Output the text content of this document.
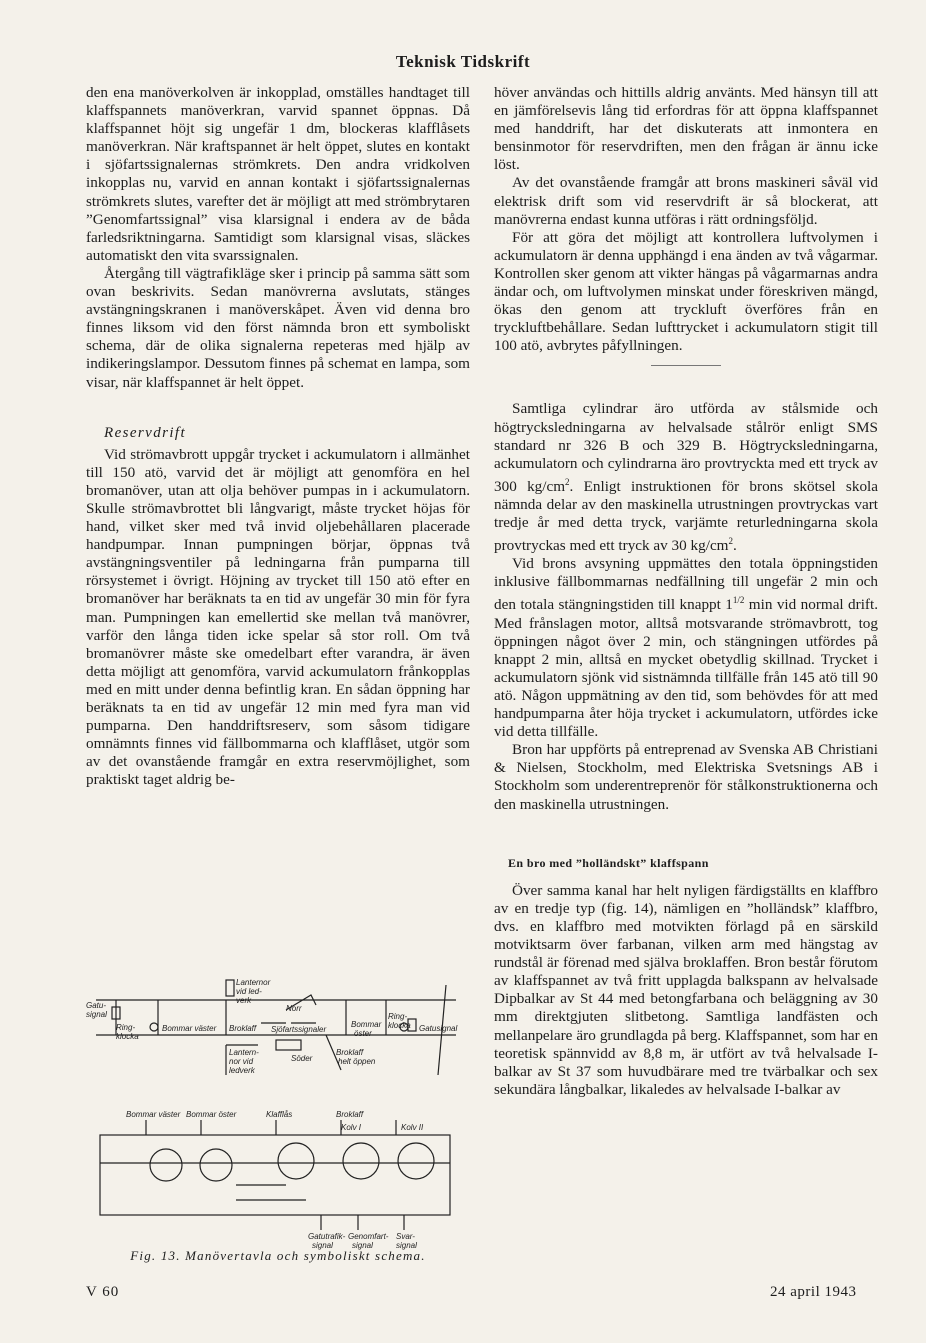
Teknisk Tidskrift

den ena manöverkolven är inkopplad, omställes handtaget till klaffspannets manöverkran, varvid spannet öppnas. Då klaffspannet höjt sig ungefär 1 dm, blockeras klafflåsets manöverkran. När kraftspannet är helt öppet, slutes en kontakt i sjöfartssignalernas strömkrets. Den andra vridkolven inkopplas nu, varvid en annan kontakt i sjöfartssignalernas strömkrets slutes, varefter det är möjligt att med strömbrytaren ”Genomfartssignal” visa klarsignal i endera av de båda farledsriktningarna. Samtidigt som klarsignal visas, släckes automatiskt den vita svarssignalen.

Återgång till vägtrafikläge sker i princip på samma sätt som ovan beskrivits. Sedan manövrerna avslutats, stänges avstängningskranen i manöverskåpet. Även vid denna bro finnes liksom vid den först nämnda bron ett symboliskt schema, där de olika signalerna repeteras med hjälp av indikeringslampor. Dessutom finnes på schemat en lampa, som visar, när klaffspannet är helt öppet.

Reservdrift

Vid strömavbrott uppgår trycket i ackumulatorn i allmänhet till 150 atö, varvid det är möjligt att genomföra en hel bromanöver, utan att olja behöver pumpas in i ackumulatorn. Skulle strömavbrottet bli långvarigt, måste trycket höjas för hand, vilket sker med två invid oljebehållaren placerade handpumpar. Innan pumpningen börjar, öppnas två avstängningsventiler på ledningarna från pumparna till rörsystemet i övrigt. Höjning av trycket till 150 atö efter en bromanöver har beräknats ta en tid av ungefär 30 min för fyra man. Pumpningen kan emellertid ske mellan två manövrer, varför den långa tiden icke spelar så stor roll. Om två bromanövrer måste ske omedelbart efter varandra, är även detta möjligt att genomföra, varvid ackumulatorn frånkopplas med en mitt under denna befintlig kran. En sådan öppning har beräknats ta en tid av ungefär 12 min med fyra man vid pumparna. Den handdriftsreserv, som såsom tidigare omnämnts finnes vid fällbommarna och klafflåset, utgör som av det ovanstående framgår en extra reservmöjlighet, som praktiskt taget aldrig be-

höver användas och hittills aldrig använts. Med hänsyn till att en jämförelsevis lång tid erfordras för att öppna klaffspannet med handdrift, har det diskuterats att inmontera en bensinmotor för reservdriften, men den frågan är ännu icke löst.

Av det ovanstående framgår att brons maskineri såväl vid elektrisk drift som vid reservdrift är så blockerat, att manövrerna endast kunna utföras i rätt ordningsföljd.

För att göra det möjligt att kontrollera luftvolymen i ackumulatorn är denna upphängd i ena änden av två vågarmar. Kontrollen sker genom att vikter hängas på vågarmarnas andra ändar och, om luftvolymen minskat under föreskriven mängd, ökas den genom att tryckluft överföres från en tryckluftbehållare. Sedan lufttrycket i ackumulatorn stigit till 100 atö, avbrytes påfyllningen.

Samtliga cylindrar äro utförda av stålsmide och högtrycksledningarna av helvalsade stålrör enligt SMS standard nr 326 B och 329 B. Högtrycksledningarna, ackumulatorn och cylindrarna äro provtryckta med ett tryck av 300 $kg/cm^2$. Enligt instruktionen för brons skötsel skola nämnda delar av den maskinella utrustningen provtryckas vart tredje år med detta tryck, varjämte returledningarna skola provtryckas med ett tryck av 30 $kg/cm^2$.

Vid brons avsyning uppmättes den totala öppningstiden inklusive fällbommarnas nedfällning till ungefär 2 min och den totala stängningstiden till knappt $1^{1/2}$ min vid normal drift. Med frånslagen motor, alltså motsvarande strömavbrott, tog öppningen något över 2 min, och stängningen utfördes på knappt 2 min, alltså en mycket obetydlig skillnad. Trycket i ackumulatorn sjönk vid sistnämnda tillfälle från 145 atö till 90 atö. Någon uppmätning av den tid, som behövdes för att med handpumparna åter höja trycket i ackumulatorn, utfördes icke vid detta tillfälle.

Bron har uppförts på entreprenad av Svenska AB Christiani & Nielsen, Stockholm, med Elektriska Svetsnings AB i Stockholm som underentreprenör för stålkonstruktionerna och den maskinella utrustningen.

En bro med ”holländskt” klaffspann

Över samma kanal har helt nyligen färdigställts en klaffbro av en tredje typ (fig. 14), nämligen en ”holländsk” klaffbro, dvs. en klaffbro med motvikten förlagd på en särskild motviktsarm över farbanan, vilken arm med hängstag av rundstål är förenad med själva broklaffen. Bron består förutom av klaffspannet av två fritt upplagda balkspann av helvalsade Dipbalkar av St 44 med betongfarbana och beläggning av 30 mm direktgjuten slitbetong. Samtliga landfästen och mellanpelare äro grundlagda på berg. Klaffspannet, som har en teoretisk spännvidd av 8,8 m, är utfört av två helvalsade I-balkar av St 37 som huvudbärare med tre tvärbalkar och sex sekundära långbalkar, likaledes av helvalsade I-balkar av

Gatu-
signal
Ring-
klocka
Bommar väster Broklaff
Lanternor
vid led-
verk
Norr
Sjöfartssignaler
Bommar
öster
Ring-
klocka Gatusignal
Lantern-
nor vid
ledverk
Söder
Broklaff
helt öppen
Bommar väster Bommar öster	Klafflås	Broklaff
Kolv I	Kolv II
Gatutrafik-
signal
Genomfart-
signal
Svar-
signal
Fig. 13. Manövertavla och symboliskt schema.
V 60	24 april 1943
